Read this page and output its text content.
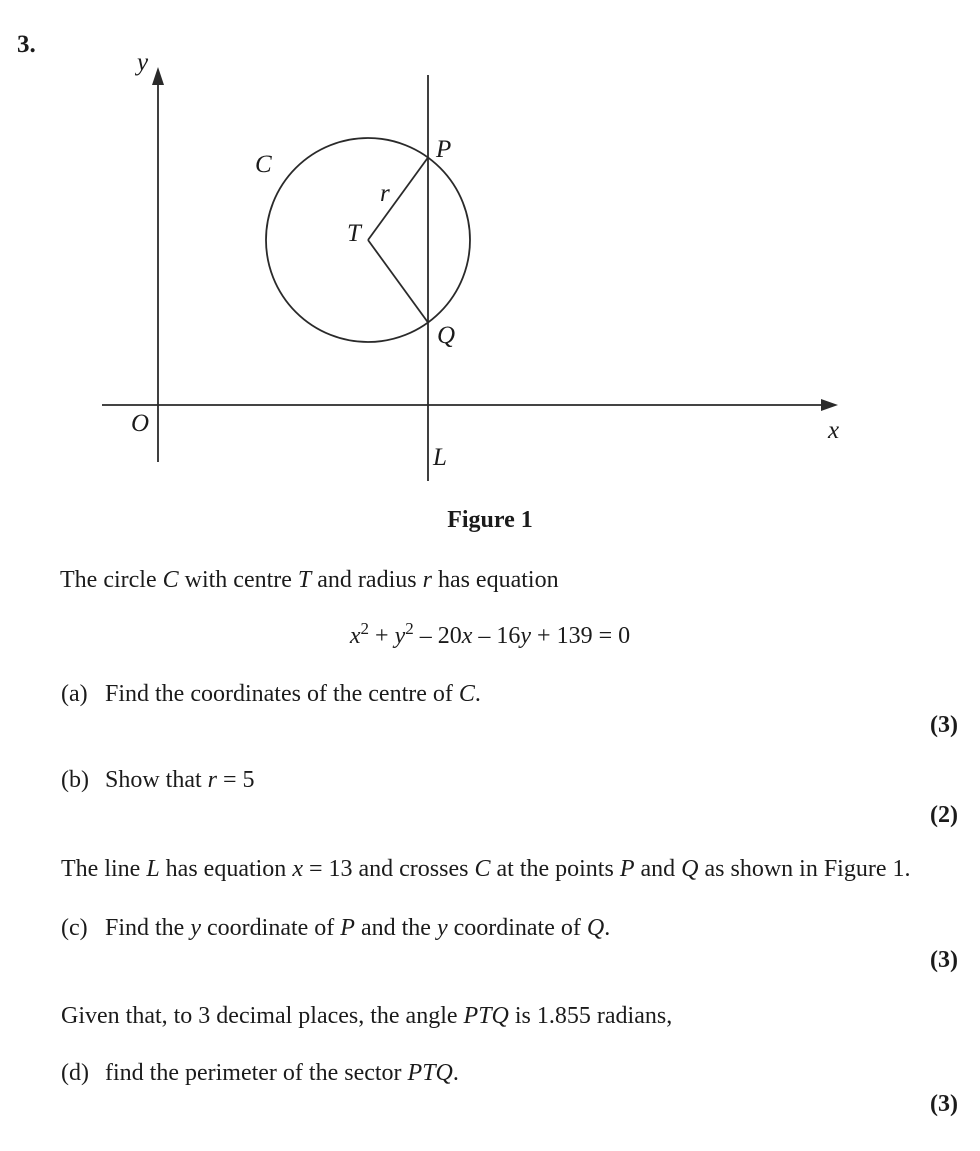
3.
y
x
O
C
T
r
P
Q
L
Figure 1

The circle C with centre T and radius r has equation

$x^2 + y^2 - 20x - 16y + 139 = 0$

(a) Find the coordinates of the centre of C.

(3)

(b) Show that r = 5

(2)

The line L has equation x = 13 and crosses C at the points P and Q as shown in Figure 1.

(c) Find the y coordinate of P and the y coordinate of Q.

(3)

Given that, to 3 decimal places, the angle PTQ is 1.855 radians,

(d) find the perimeter of the sector PTQ.

(3)
